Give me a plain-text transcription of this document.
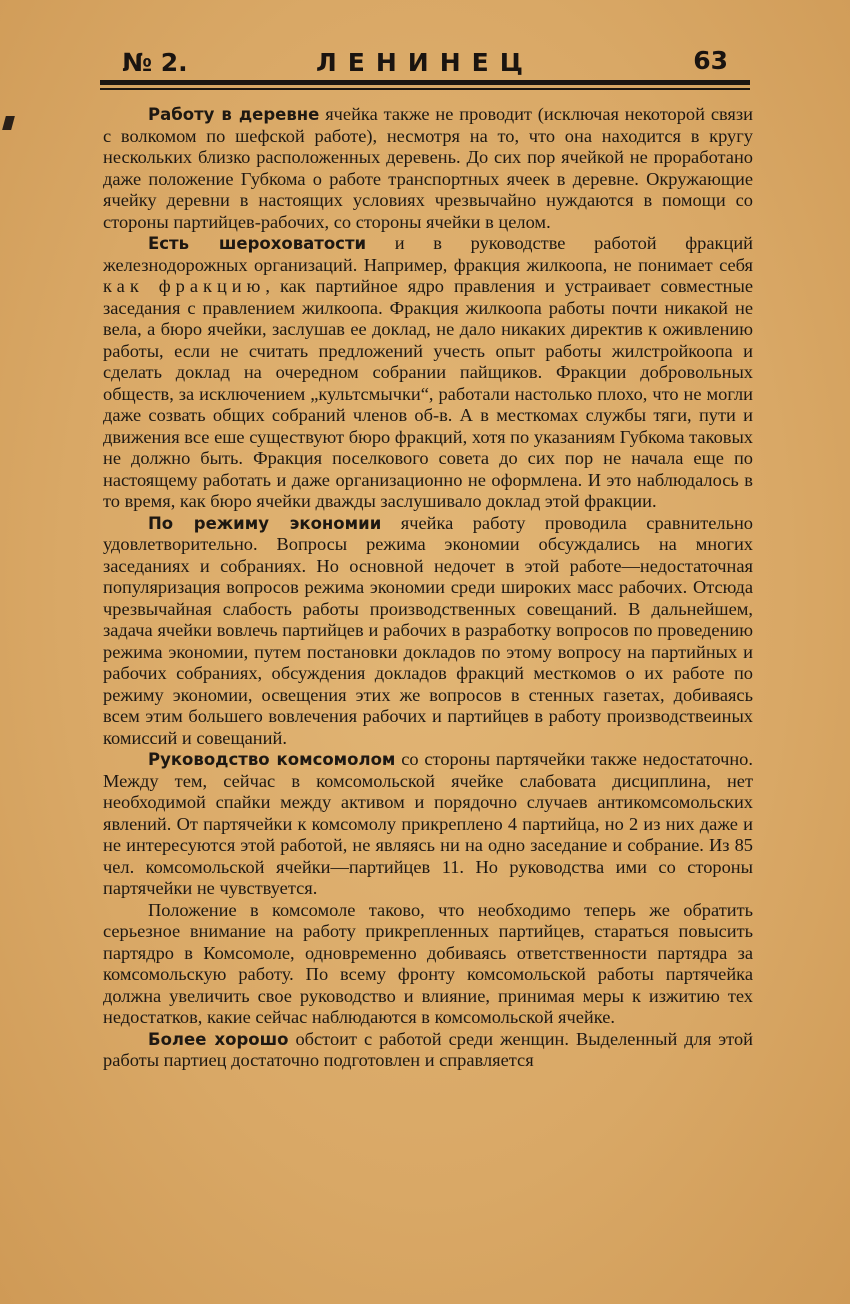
№ 2.	ЛЕНИНЕЦ	63

Работу в деревне ячейка также не проводит (исключая некоторой связи с волкомом по шефской работе), несмотря на то, что она находится в кругу нескольких близко расположенных деревень. До сих пор ячейкой не проработано даже положение Губкома о работе транспортных ячеек в деревне. Окружающие ячейку деревни в настоящих условиях чрезвычайно нуждаются в помощи со стороны партийцев-рабочих, со стороны ячейки в целом.

Есть шероховатости и в руководстве работой фракций железнодорожных организаций. Например, фракция жилкоопа, не понимает себя как фракцию, как партийное ядро правления и устраивает совместные заседания с правлением жилкоопа. Фракция жилкоопа работы почти никакой не вела, а бюро ячейки, заслушав ее доклад, не дало никаких директив к оживлению работы, если не считать предложений учесть опыт работы жилстройкоопа и сделать доклад на очередном собрании пайщиков. Фракции добровольных обществ, за исключением „культсмычки“, работали настолько плохо, что не могли даже созвать общих собраний членов об-в. А в месткомах службы тяги, пути и движения все еше существуют бюро фракций, хотя по указаниям Губкома таковых не должно быть. Фракция поселкового совета до сих пор не начала еще по настоящему работать и даже организационно не оформлена. И это наблюдалось в то время, как бюро ячейки дважды заслушивало доклад этой фракции.

По режиму экономии ячейка работу проводила сравнительно удовлетворительно. Вопросы режима экономии обсуждались на многих заседаниях и собраниях. Но основной недочет в этой работе—недостаточная популяризация вопросов режима экономии среди широких масс рабочих. Отсюда чрезвычайная слабость работы производственных совещаний. В дальнейшем, задача ячейки вовлечь партийцев и рабочих в разработку вопросов по проведению режима экономии, путем постановки докладов по этому вопросу на партийных и рабочих собраниях, обсуждения докладов фракций месткомов о их работе по режиму экономии, освещения этих же вопросов в стенных газетах, добиваясь всем этим большего вовлечения рабочих и партийцев в работу производствеиных комиссий и совещаний.

Руководство комсомолом со стороны партячейки также недостаточно. Между тем, сейчас в комсомольской ячейке слабовата дисциплина, нет необходимой спайки между активом и порядочно случаев антикомсомольских явлений. От партячейки к комсомолу прикреплено 4 партийца, но 2 из них даже и не интересуются этой работой, не являясь ни на одно заседание и собрание. Из 85 чел. комсомольской ячейки—партийцев 11. Но руководства ими со стороны партячейки не чувствуется.

Положение в комсомоле таково, что необходимо теперь же обратить серьезное внимание на работу прикрепленных партийцев, стараться повысить партядро в Комсомоле, одновременно добиваясь ответственности партядра за комсомольскую работу. По всему фронту комсомольской работы партячейка должна увеличить свое руководство и влияние, принимая меры к изжитию тех недостатков, какие сейчас наблюдаются в комсомольской ячейке.

Более хорошо обстоит с работой среди женщин. Выделенный для этой работы партиец достаточно подготовлен и справляется
